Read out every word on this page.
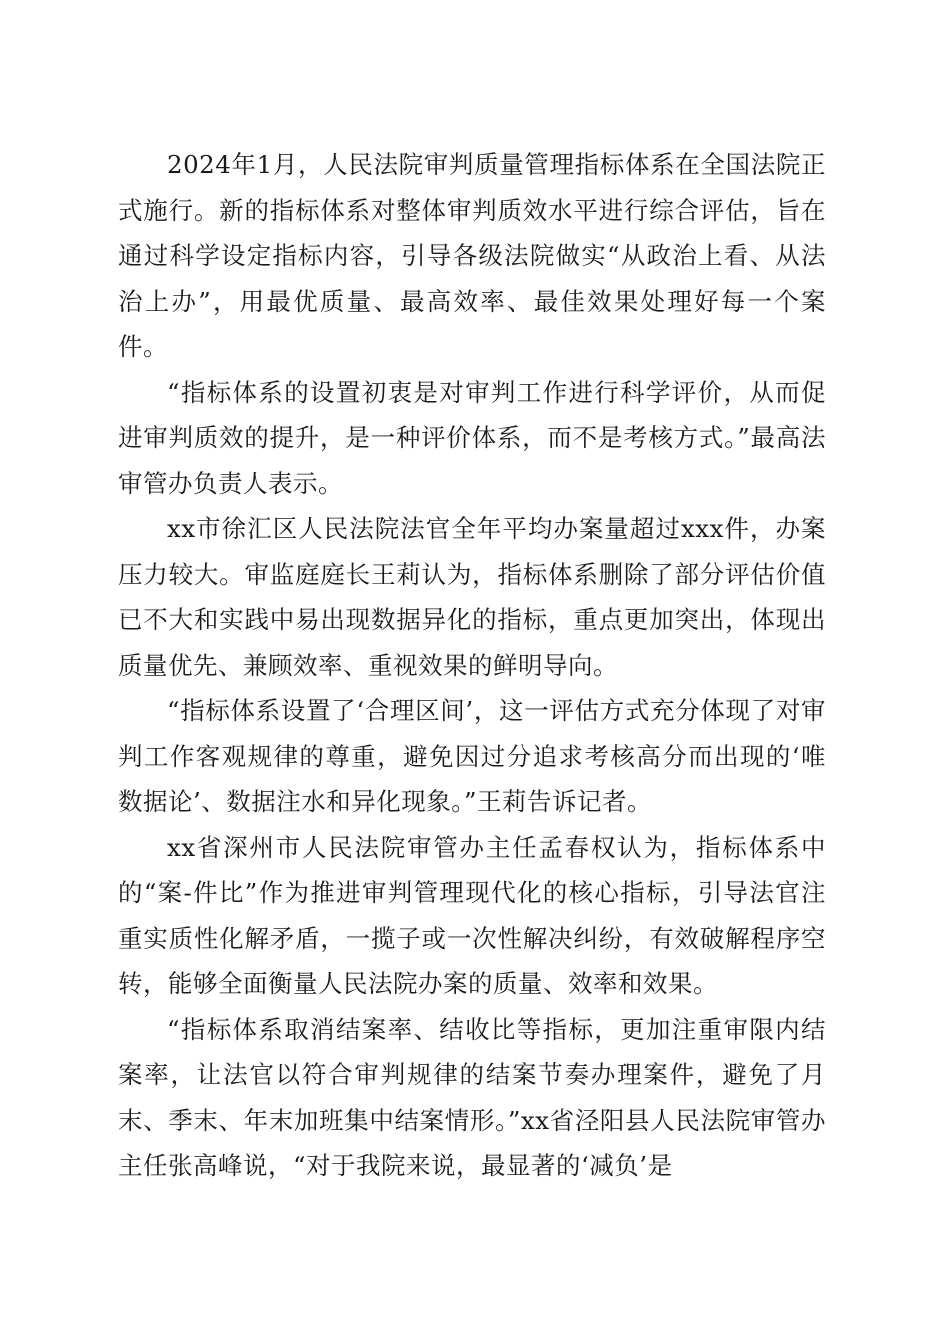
2024年1月，人民法院审判质量管理指标体系在全国法院正式施行。新的指标体系对整体审判质效水平进行综合评估，旨在通过科学设定指标内容，引导各级法院做实“从政治上看、从法治上办”，用最优质量、最高效率、最佳效果处理好每一个案件。

“指标体系的设置初衷是对审判工作进行科学评价，从而促进审判质效的提升，是一种评价体系，而不是考核方式。”最高法审管办负责人表示。

xx市徐汇区人民法院法官全年平均办案量超过xxx件，办案压力较大。审监庭庭长王莉认为，指标体系删除了部分评估价值已不大和实践中易出现数据异化的指标，重点更加突出，体现出质量优先、兼顾效率、重视效果的鲜明导向。

“指标体系设置了‘合理区间’，这一评估方式充分体现了对审判工作客观规律的尊重，避免因过分追求考核高分而出现的‘唯数据论’、数据注水和异化现象。”王莉告诉记者。

xx省深州市人民法院审管办主任孟春权认为，指标体系中的“案-件比”作为推进审判管理现代化的核心指标，引导法官注重实质性化解矛盾，一揽子或一次性解决纠纷，有效破解程序空转，能够全面衡量人民法院办案的质量、效率和效果。

“指标体系取消结案率、结收比等指标，更加注重审限内结案率，让法官以符合审判规律的结案节奏办理案件，避免了月末、季末、年末加班集中结案情形。”xx省泾阳县人民法院审管办主任张高峰说，“对于我院来说，最显著的‘减负’是
